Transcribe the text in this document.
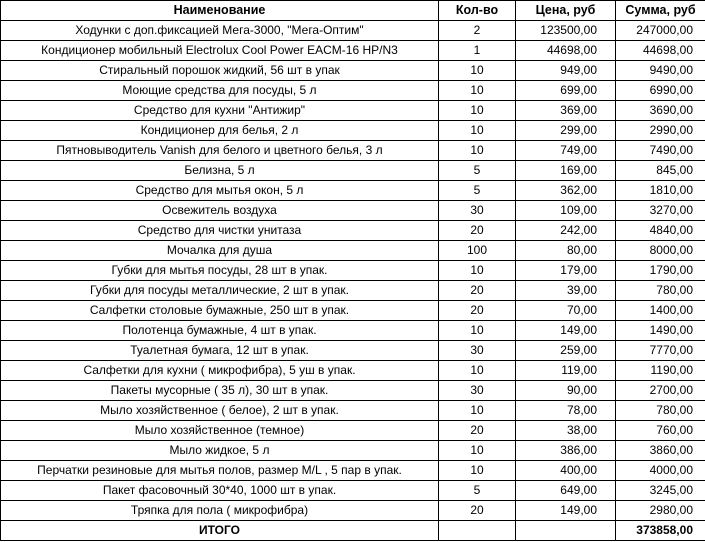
Наименование	Кол-во	Цена, руб	Сумма, руб
Ходунки с доп.фиксацией Мега-3000, "Мега-Оптим"	2	123500,00	247000,00
Кондиционер мобильный Electrolux Cool Power EACM-16 HP/N3	1	44698,00	44698,00
Стиральный порошок жидкий, 56 шт в упак	10	949,00	9490,00
Моющие средства для посуды, 5 л	10	699,00	6990,00
Средство для кухни "Антижир"	10	369,00	3690,00
Кондиционер для белья, 2 л	10	299,00	2990,00
Пятновыводитель Vanish для белого и цветного белья, 3 л	10	749,00	7490,00
Белизна, 5 л	5	169,00	845,00
Средство для мытья окон, 5 л	5	362,00	1810,00
Освежитель воздуха	30	109,00	3270,00
Средство для чистки унитаза	20	242,00	4840,00
Мочалка для душа	100	80,00	8000,00
Губки для мытья посуды, 28 шт в упак.	10	179,00	1790,00
Губки для посуды металлические, 2 шт в упак.	20	39,00	780,00
Салфетки столовые бумажные, 250 шт в упак.	20	70,00	1400,00
Полотенца бумажные, 4 шт в упак.	10	149,00	1490,00
Туалетная бумага, 12 шт в упак.	30	259,00	7770,00
Салфетки для кухни ( микрофибра), 5 уш в упак.	10	119,00	1190,00
Пакеты мусорные ( 35 л), 30 шт в упак.	30	90,00	2700,00
Мыло хозяйственное ( белое), 2 шт в упак.	10	78,00	780,00
Мыло хозяйственное (темное)	20	38,00	760,00
Мыло жидкое, 5 л	10	386,00	3860,00
Перчатки резиновые для мытья полов, размер M/L , 5 пар в упак.	10	400,00	4000,00
Пакет фасовочный 30*40, 1000 шт в упак.	5	649,00	3245,00
Тряпка для пола ( микрофибра)	20	149,00	2980,00
ИТОГО			373858,00
